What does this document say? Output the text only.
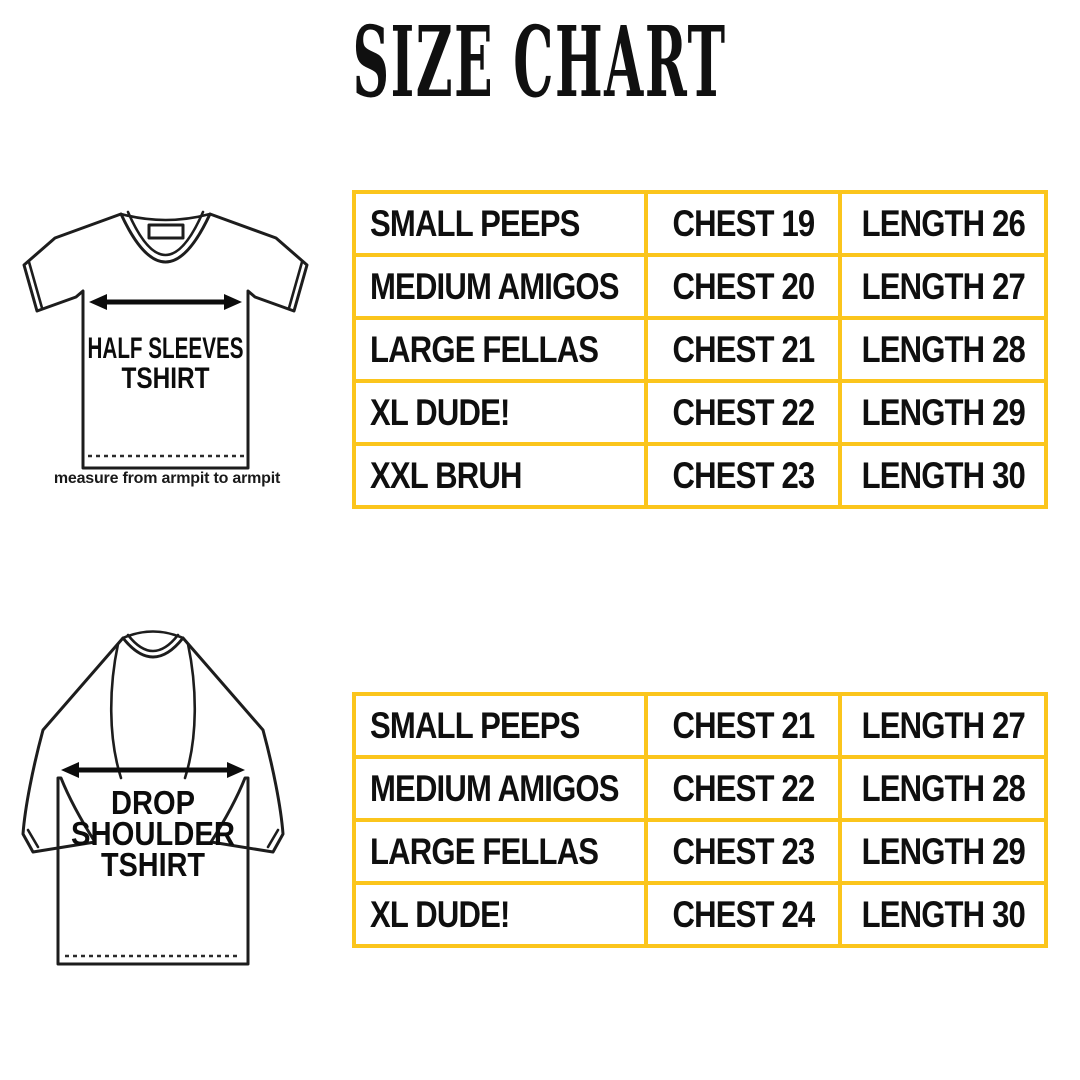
SIZE CHART
HALF SLEEVES
TSHIRT
measure from armpit to armpit
SMALL PEEPS	CHEST 19	LENGTH 26
MEDIUM AMIGOS	CHEST 20	LENGTH 27
LARGE FELLAS	CHEST 21	LENGTH 28
XL DUDE!	CHEST 22	LENGTH 29
XXL BRUH	CHEST 23	LENGTH 30
DROP
SHOULDER
TSHIRT
SMALL PEEPS	CHEST 21	LENGTH 27
MEDIUM AMIGOS	CHEST 22	LENGTH 28
LARGE FELLAS	CHEST 23	LENGTH 29
XL DUDE!	CHEST 24	LENGTH 30
